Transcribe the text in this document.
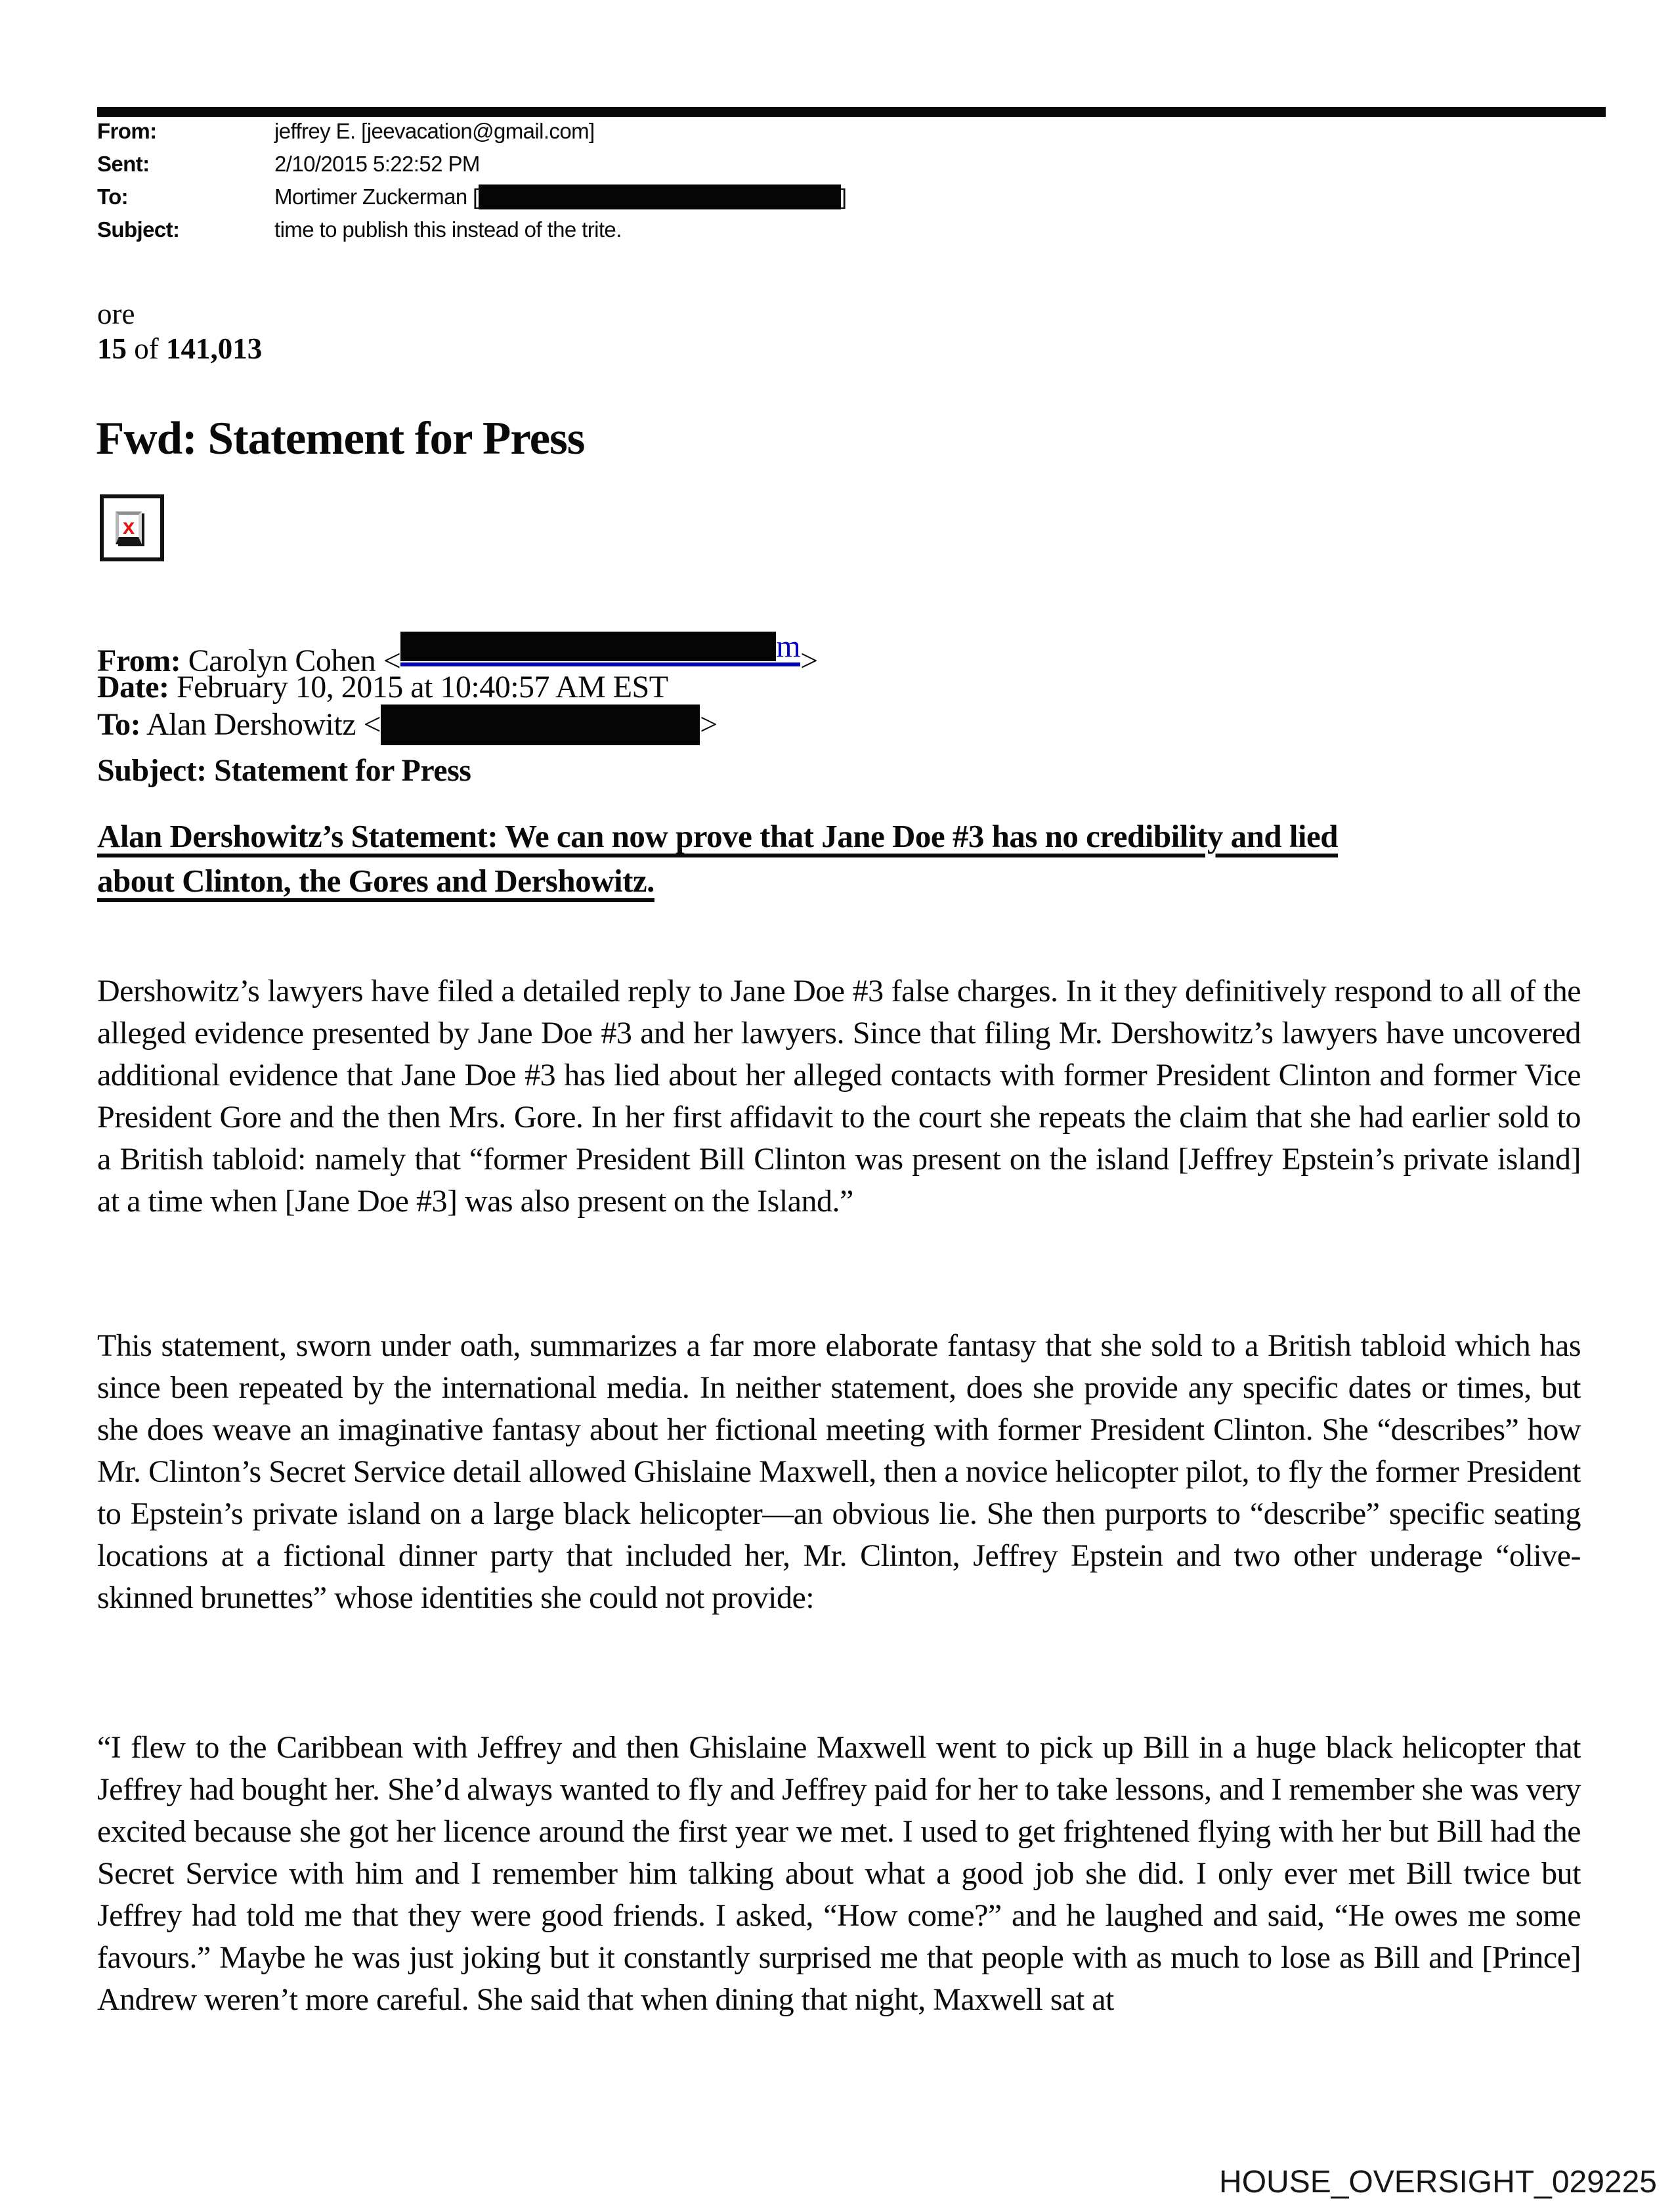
From:	jeffrey E. [jeevacation@gmail.com]
Sent:	2/10/2015 5:22:52 PM
To:	Mortimer Zuckerman [	]
Subject:	time to publish this instead of the trite.
ore
15 of 141,013
Fwd: Statement for Press
x
From: Carolyn Cohen <	m>
Date: February 10, 2015 at 10:40:57 AM EST
To: Alan Dershowitz <	>
Subject: Statement for Press
Alan Dershowitz’s Statement: We can now prove that Jane Doe #3 has no credibility and lied
about Clinton, the Gores and Dershowitz.

Dershowitz’s lawyers have filed a detailed reply to Jane Doe #3 false charges. In it they definitively respond to all of the alleged evidence presented by Jane Doe #3 and her lawyers. Since that filing Mr. Dershowitz’s lawyers have uncovered additional evidence that Jane Doe #3 has lied about her alleged contacts with former President Clinton and former Vice President Gore and the then Mrs. Gore. In her first affidavit to the court she repeats the claim that she had earlier sold to a British tabloid: namely that “former President Bill Clinton was present on the island [Jeffrey Epstein’s private island] at a time when [Jane Doe #3] was also present on the Island.”

This statement, sworn under oath, summarizes a far more elaborate fantasy that she sold to a British tabloid which has since been repeated by the international media. In neither statement, does she provide any specific dates or times, but she does weave an imaginative fantasy about her fictional meeting with former President Clinton. She “describes” how Mr. Clinton’s Secret Service detail allowed Ghislaine Maxwell, then a novice helicopter pilot, to fly the former President to Epstein’s private island on a large black helicopter—an obvious lie. She then purports to “describe” specific seating locations at a fictional dinner party that included her, Mr. Clinton, Jeffrey Epstein and two other underage “olive-skinned brunettes” whose identities she could not provide:

“I flew to the Caribbean with Jeffrey and then Ghislaine Maxwell went to pick up Bill in a huge black helicopter that Jeffrey had bought her. She’d always wanted to fly and Jeffrey paid for her to take lessons, and I remember she was very excited because she got her licence around the first year we met. I used to get frightened flying with her but Bill had the Secret Service with him and I remember him talking about what a good job she did. I only ever met Bill twice but Jeffrey had told me that they were good friends. I asked, “How come?” and he laughed and said, “He owes me some favours.” Maybe he was just joking but it constantly surprised me that people with as much to lose as Bill and [Prince] Andrew weren’t more careful. She said that when dining that night, Maxwell sat at

HOUSE_OVERSIGHT_029225
